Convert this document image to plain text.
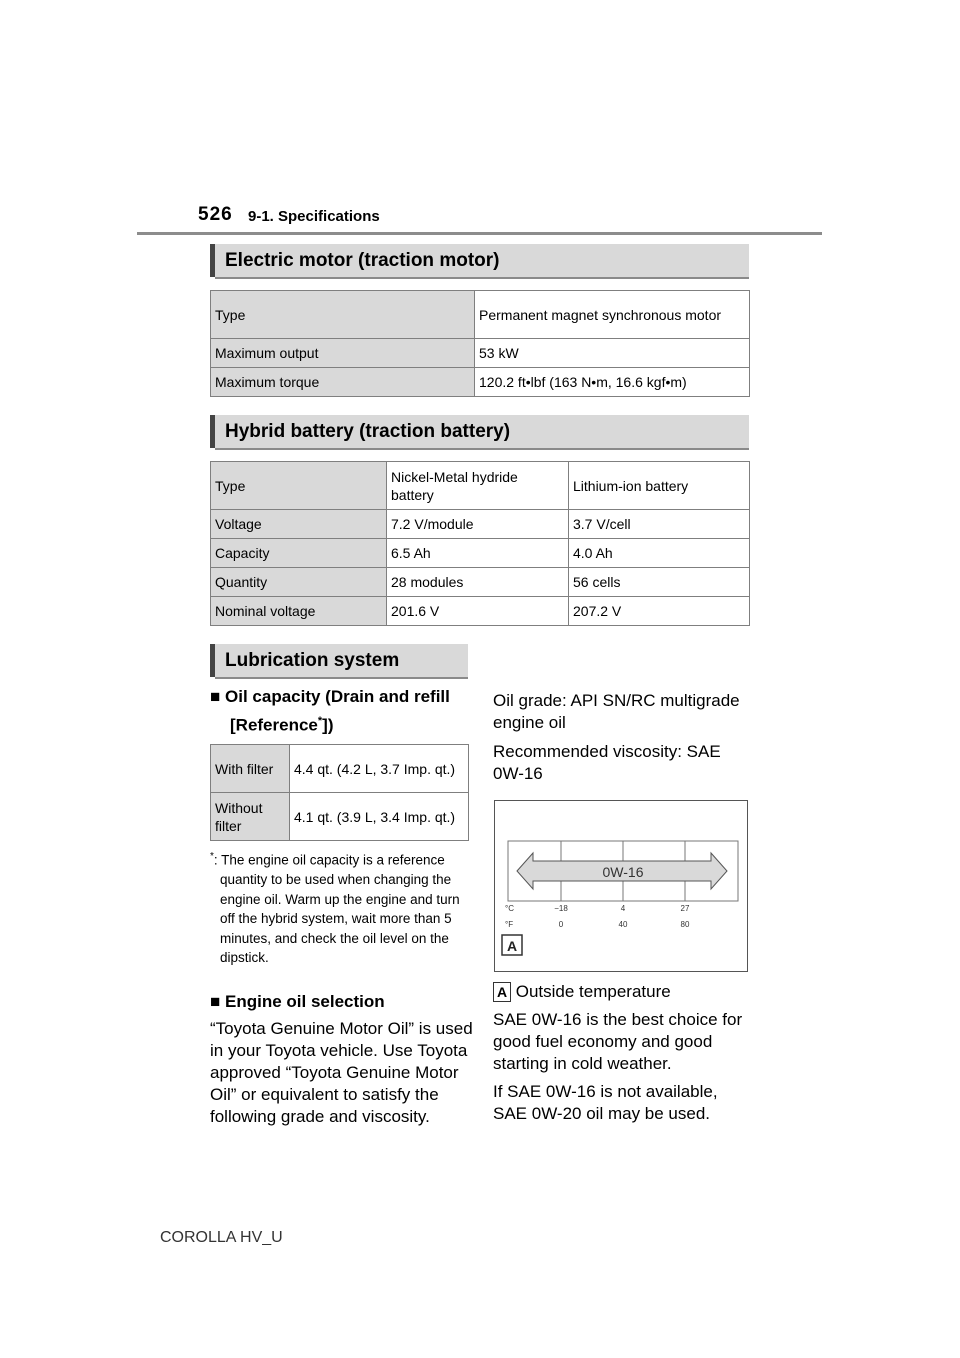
526 9-1. Specifications
Electric motor (traction motor)
Type	Permanent magnet synchronous motor
Maximum output	53 kW
Maximum torque	120.2 ft•lbf (163 N•m, 16.6 kgf•m)
Hybrid battery (traction battery)
Type	Nickel-Metal hydride battery	Lithium-ion battery
Voltage	7.2 V/module	3.7 V/cell
Capacity	6.5 Ah	4.0 Ah
Quantity	28 modules	56 cells
Nominal voltage	201.6 V	207.2 V
Lubrication system
■ Oil capacity (Drain and refill
[Reference*])
With filter	4.4 qt. (4.2 L, 3.7 Imp. qt.)
Without filter	4.1 qt. (3.9 L, 3.4 Imp. qt.)
*: The engine oil capacity is a reference quantity to be used when changing the engine oil. Warm up the engine and turn off the hybrid system, wait more than 5 minutes, and check the oil level on the dipstick.
■ Engine oil selection
“Toyota Genuine Motor Oil” is used in your Toyota vehicle. Use Toyota approved “Toyota Genuine Motor Oil” or equivalent to satisfy the following grade and viscosity.
Oil grade: API SN/RC multigrade engine oil
Recommended viscosity: SAE 0W-16
0W-16
°C	−18	4	27
°F	0	40	80
A
A Outside temperature
SAE 0W-16 is the best choice for good fuel economy and good starting in cold weather.
If SAE 0W-16 is not available, SAE 0W-20 oil may be used.
COROLLA HV_U
